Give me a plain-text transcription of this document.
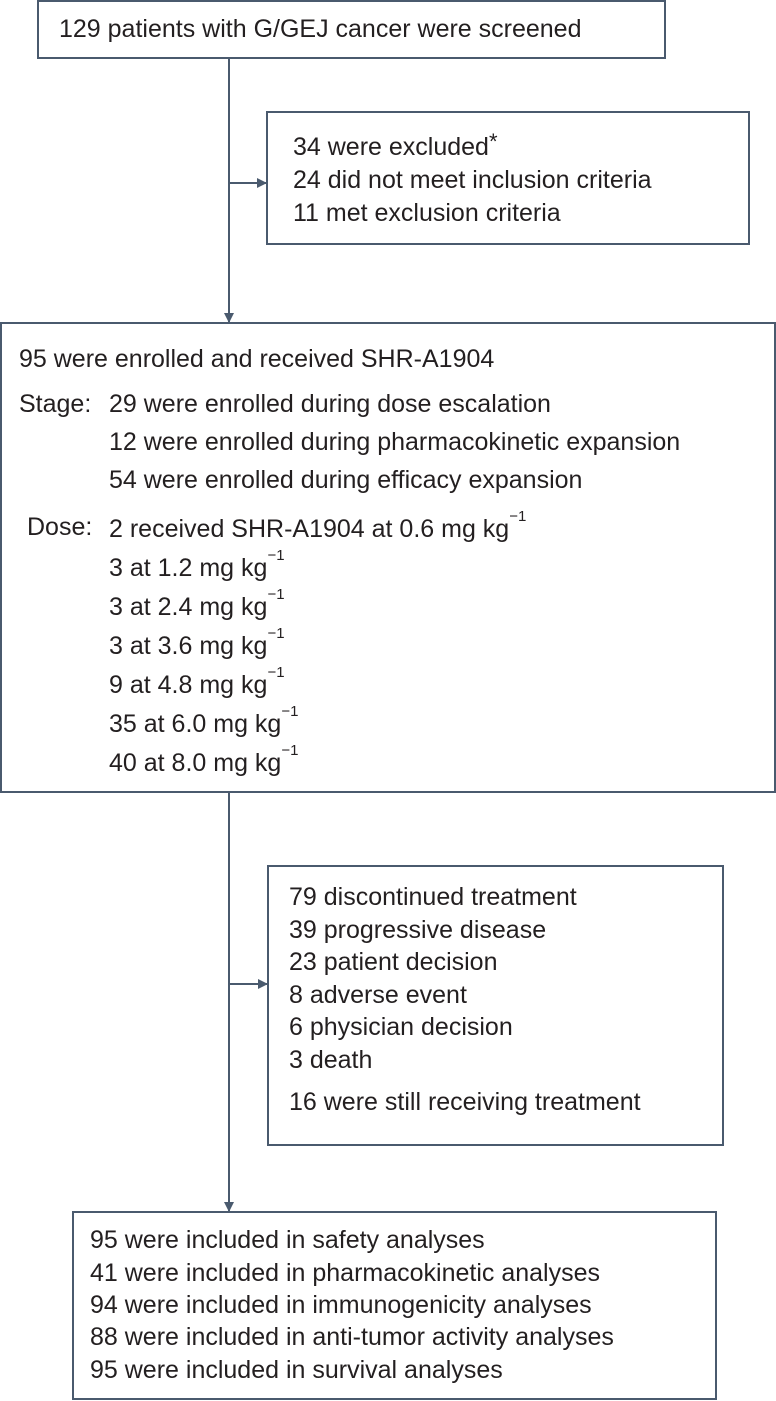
129 patients with G/GEJ cancer were screened
34 were excluded*
24 did not meet inclusion criteria
11 met exclusion criteria
95 were enrolled and received SHR-A1904
Stage: 29 were enrolled during dose escalation
12 were enrolled during pharmacokinetic expansion
54 were enrolled during efficacy expansion
Dose: 2 received SHR-A1904 at 0.6 mg $kg^{-1}$
3 at 1.2 mg $kg^{-1}$
3 at 2.4 mg $kg^{-1}$
3 at 3.6 mg $kg^{-1}$
9 at 4.8 mg $kg^{-1}$
35 at 6.0 mg $kg^{-1}$
40 at 8.0 mg $kg^{-1}$
79 discontinued treatment
39 progressive disease
23 patient decision
8 adverse event
6 physician decision
3 death
16 were still receiving treatment
95 were included in safety analyses
41 were included in pharmacokinetic analyses
94 were included in immunogenicity analyses
88 were included in anti-tumor activity analyses
95 were included in survival analyses
